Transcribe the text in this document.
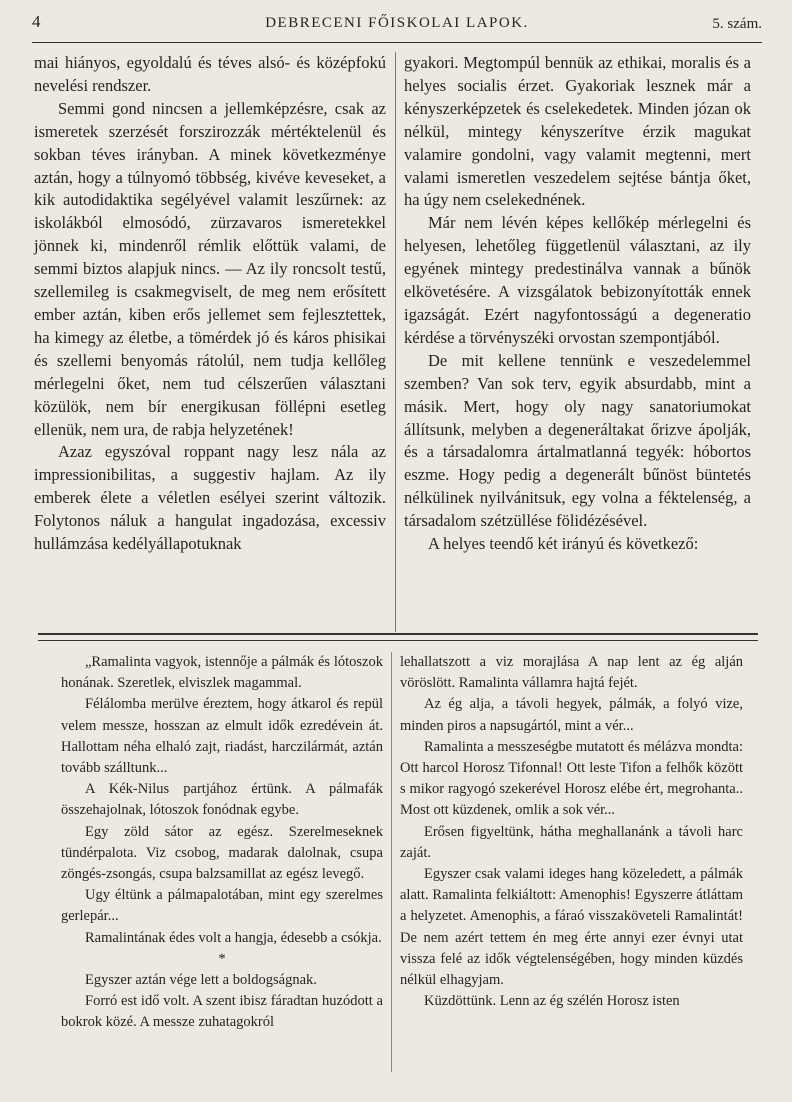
4	DEBRECENI FŐISKOLAI LAPOK.	5. szám.

mai hiányos, egyoldalú és téves alsó- és középfokú nevelési rendszer.

Semmi gond nincsen a jellemképzésre, csak az ismeretek szerzését forszirozzák mértéktelenül és sokban téves irányban. A minek következménye aztán, hogy a túlnyomó többség, kivéve keveseket, a kik autodidaktika segélyével valamit leszűrnek: az iskolákból elmosódó, zürzavaros ismeretekkel jönnek ki, mindenről rémlik előttük valami, de semmi biztos alapjuk nincs. — Az ily roncsolt testű, szellemileg is csakmegviselt, de meg nem erősített ember aztán, kiben erős jellemet sem fejlesztettek, ha kimegy az életbe, a tömérdek jó és káros phisikai és szellemi benyomás rátolúl, nem tudja kellőleg mérlegelni őket, nem tud célszerűen választani közülök, nem bír energikusan föllépni esetleg ellenük, nem ura, de rabja helyzetének!

Azaz egyszóval roppant nagy lesz nála az impressionibilitas, a suggestiv hajlam. Az ily emberek élete a véletlen esélyei szerint változik. Folytonos náluk a hangulat ingadozása, excessiv hullámzása kedélyállapotuknak

gyakori. Megtompúl bennük az ethikai, moralis és a helyes socialis érzet. Gyakoriak lesznek már a kényszerképzetek és cselekedetek. Minden józan ok nélkül, mintegy kényszerítve érzik magukat valamire gondolni, vagy valamit megtenni, mert valami ismeretlen veszedelem sejtése bántja őket, ha úgy nem cselekednének.

Már nem lévén képes kellőkép mérlegelni és helyesen, lehetőleg függetlenül választani, az ily egyének mintegy predestinálva vannak a bűnök elkövetésére. A vizsgálatok bebizonyították ennek igazságát. Ezért nagyfontosságú a degeneratio kérdése a törvényszéki orvostan szempontjából.

De mit kellene tennünk e veszedelemmel szemben? Van sok terv, egyik absurdabb, mint a másik. Mert, hogy oly nagy sanatoriumokat állítsunk, melyben a degeneráltakat őrizve ápolják, és a társadalomra ártalmatlanná tegyék: hóbortos eszme. Hogy pedig a degenerált bűnöst büntetés nélkülinek nyilvánitsuk, egy volna a féktelenség, a társadalom szétzüllése fölidézésével.

A helyes teendő két irányú és következő:

„Ramalinta vagyok, istennője a pálmák és lótoszok honának. Szeretlek, elviszlek magammal.

Félálomba merülve éreztem, hogy átkarol és repül velem messze, hosszan az elmult idők ezredévein át. Hallottam néha elhaló zajt, riadást, harczilármát, aztán tovább szálltunk...

A Kék-Nilus partjához értünk. A pálmafák összehajolnak, lótoszok fonódnak egybe.

Egy zöld sátor az egész. Szerelmeseknek tündérpalota. Viz csobog, madarak dalolnak, csupa zöngés-zsongás, csupa balzsamillat az egész levegő.

Ugy éltünk a pálmapalotában, mint egy szerelmes gerlepár...

Ramalintának édes volt a hangja, édesebb a csókja.

*

Egyszer aztán vége lett a boldogságnak.

Forró est idő volt. A szent ibisz fáradtan huzódott a bokrok közé. A messze zuhatagokról

lehallatszott a viz morajlása A nap lent az ég alján vöröslött. Ramalinta vállamra hajtá fejét.

Az ég alja, a távoli hegyek, pálmák, a folyó vize, minden piros a napsugártól, mint a vér...

Ramalinta a messzeségbe mutatott és mélázva mondta: Ott harcol Horosz Tifonnal! Ott leste Tifon a felhők között s mikor ragyogó szekerével Horosz elébe ért, megrohanta.. Most ott küzdenek, omlik a sok vér...

Erősen figyeltünk, hátha meghallanánk a távoli harc zaját.

Egyszer csak valami ideges hang közeledett, a pálmák alatt. Ramalinta felkiáltott: Amenophis! Egyszerre átláttam a helyzetet. Amenophis, a fáraó visszaköveteli Ramalintát! De nem azért tettem én meg érte annyi ezer évnyi utat vissza felé az idők végtelenségében, hogy minden küzdés nélkül elhagyjam.

Küzdöttünk. Lenn az ég szélén Horosz isten
